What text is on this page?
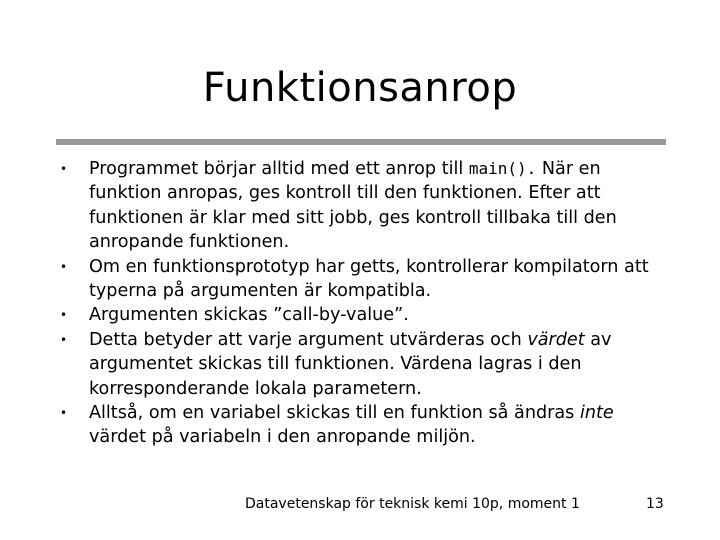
Funktionsanrop
• Programmet börjar alltid med ett anrop till main(). När en funktion anropas, ges kontroll till den funktionen. Efter att funktionen är klar med sitt jobb, ges kontroll tillbaka till den anropande funktionen.
• Om en funktionsprototyp har getts, kontrollerar kompilatorn att typerna på argumenten är kompatibla.
• Argumenten skickas ”call-by-value”.
• Detta betyder att varje argument utvärderas och värdet av argumentet skickas till funktionen. Värdena lagras i den korresponderande lokala parametern.
• Alltså, om en variabel skickas till en funktion så ändras inte värdet på variabeln i den anropande miljön.
Datavetenskap för teknisk kemi 10p, moment 1	13
